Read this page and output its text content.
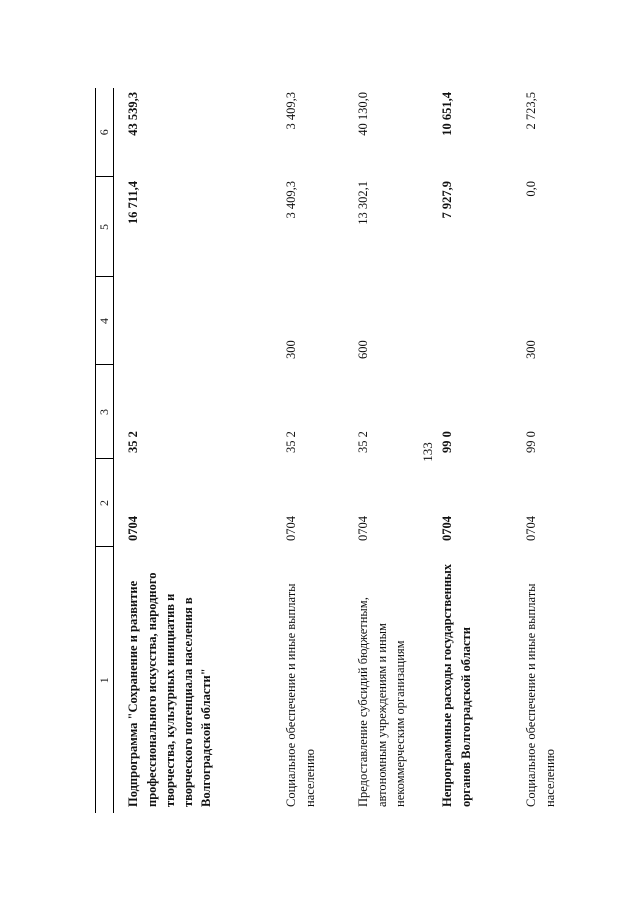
133
1	2	3	4	5	6
Подпрограмма "Сохранение и развитие профессионального искусства, народного творчества, культурных инициатив и творческого потенциала населения в Волгоградской области"	0704	35 2		16 711,4	43 539,3
Социальное обеспечение и иные выплаты населению	0704	35 2	300	3 409,3	3 409,3
Предоставление субсидий бюджетным, автономным учреждениям и иным некоммерческим организациям	0704	35 2	600	13 302,1	40 130,0
Непрограммные расходы государственных органов Волгоградской области	0704	99 0		7 927,9	10 651,4
Социальное обеспечение и иные выплаты населению	0704	99 0	300	0,0	2 723,5
